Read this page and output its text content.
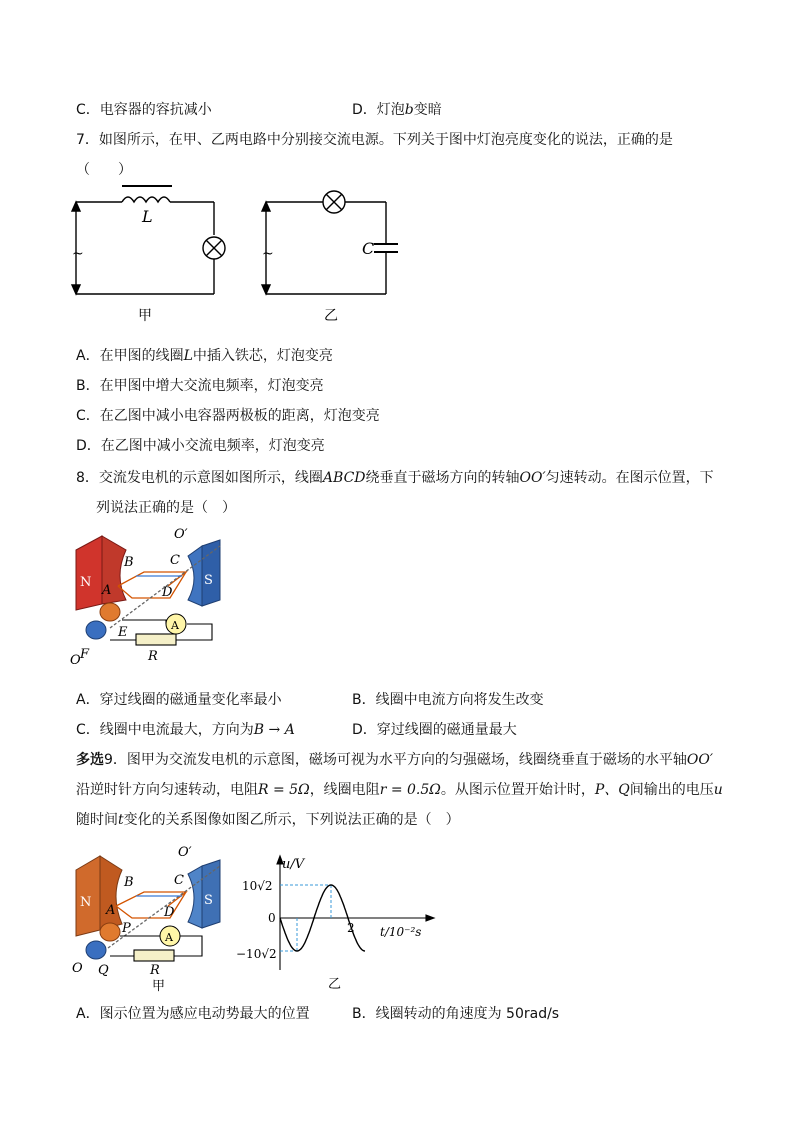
C．电容器的容抗减小	D．灯泡b变暗
7．如图所示，在甲、乙两电路中分别接交流电源。下列关于图中灯泡亮度变化的说法，正确的是
（　　）
~
L
甲
~	C
乙
A．在甲图的线圈L中插入铁芯，灯泡变亮
B．在甲图中增大交流电频率，灯泡变亮
C．在乙图中减小电容器两极板的距离，灯泡变亮
D．在乙图中减小交流电频率，灯泡变亮
8．交流发电机的示意图如图所示，线圈ABCD绕垂直于磁场方向的转轴OO′匀速转动。在图示位置，下
列说法正确的是（　）
N	S
A
B	C
A	D
E
F
O
O′
R
A．穿过线圈的磁通量变化率最小	B．线圈中电流方向将发生改变
C．线圈中电流最大，方向为B → A	D．穿过线圈的磁通量最大
多选9．图甲为交流发电机的示意图，磁场可视为水平方向的匀强磁场，线圈绕垂直于磁场的水平轴OO′
沿逆时针方向匀速转动，电阻R = 5Ω，线圈电阻r = 0.5Ω。从图示位置开始计时，P、Q间输出的电压u
随时间t变化的关系图像如图乙所示，下列说法正确的是（　）
N	S
A
B	C
A	D
P
Q
O
O′
R
甲
u/V
t/10⁻²s
10√2
0
−10√2
2
乙
A．图示位置为感应电动势最大的位置	B．线圈转动的角速度为 50rad/s
